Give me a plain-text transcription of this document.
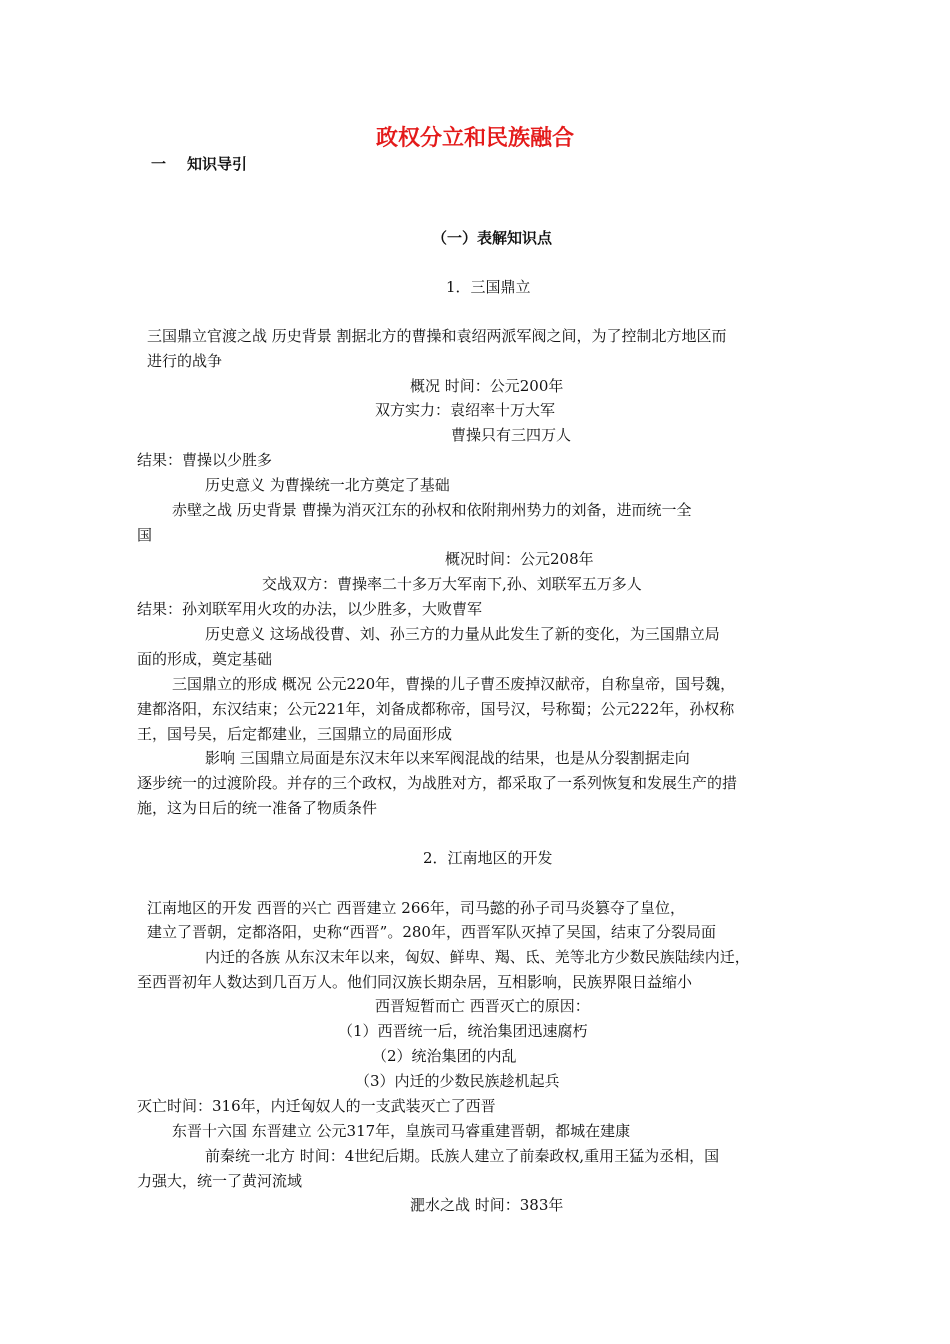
政权分立和民族融合
一 知识导引
（一）表解知识点
1．三国鼎立
三国鼎立官渡之战 历史背景 割据北方的曹操和袁绍两派军阀之间，为了控制北方地区而
进行的战争
概况 时间：公元200年
双方实力：袁绍率十万大军
曹操只有三四万人
结果：曹操以少胜多
历史意义 为曹操统一北方奠定了基础
赤壁之战 历史背景 曹操为消灭江东的孙权和依附荆州势力的刘备，进而统一全
国
概况时间：公元208年
交战双方：曹操率二十多万大军南下,孙、刘联军五万多人
结果：孙刘联军用火攻的办法，以少胜多，大败曹军
历史意义 这场战役曹、刘、孙三方的力量从此发生了新的变化，为三国鼎立局
面的形成，奠定基础
三国鼎立的形成 概况 公元220年，曹操的儿子曹丕废掉汉献帝，自称皇帝，国号魏，
建都洛阳，东汉结束；公元221年，刘备成都称帝，国号汉，号称蜀；公元222年，孙权称
王，国号吴，后定都建业，三国鼎立的局面形成
影响 三国鼎立局面是东汉末年以来军阀混战的结果，也是从分裂割据走向
逐步统一的过渡阶段。并存的三个政权，为战胜对方，都采取了一系列恢复和发展生产的措
施，这为日后的统一准备了物质条件
2．江南地区的开发
江南地区的开发 西晋的兴亡 西晋建立 266年，司马懿的孙子司马炎篡夺了皇位，
建立了晋朝，定都洛阳，史称“西晋”。280年，西晋军队灭掉了吴国，结束了分裂局面
内迁的各族 从东汉末年以来，匈奴、鲜卑、羯、氐、羌等北方少数民族陆续内迁，
至西晋初年人数达到几百万人。他们同汉族长期杂居，互相影响，民族界限日益缩小
西晋短暂而亡 西晋灭亡的原因：
（1）西晋统一后，统治集团迅速腐朽
（2）统治集团的内乱
（3）内迁的少数民族趁机起兵
灭亡时间：316年，内迁匈奴人的一支武装灭亡了西晋
东晋十六国 东晋建立 公元317年，皇族司马睿重建晋朝，都城在建康
前秦统一北方 时间：4世纪后期。氐族人建立了前秦政权,重用王猛为丞相，国
力强大，统一了黄河流域
淝水之战 时间：383年
